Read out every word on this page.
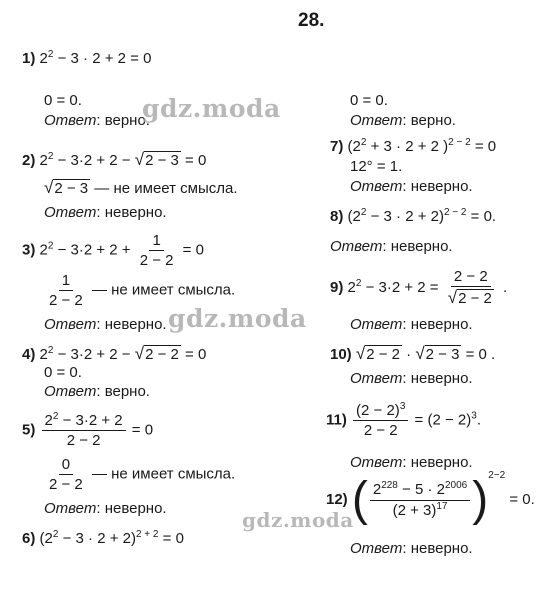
28.
1) $2^2 - 3 \cdot 2 + 2 = 0$
0 = 0.
Ответ: верно.
2) $2^2 - 3\cdot 2 + 2 - √2 - 3 = 0$
√2 − 3 — не имеет смысла.
Ответ: неверно.
3) $2^2 - 3\cdot 2 + 2 + \frac{1}{2 - 2} = 0$
$\frac{1}{2 - 2}$ — не имеет смысла.
Ответ: неверно.
4) $2^2 - 3\cdot 2 + 2 - √2 - 2 = 0$
0 = 0.
Ответ: верно.
$5) \frac{2^2 - 3\cdot 2 + 2}{2 - 2} = 0$
$\frac{0}{2 - 2}$ — не имеет смысла.
Ответ: неверно.
6) $(2^2 - 3 \cdot 2 + 2)^{2 + 2} = 0$
0 = 0.
Ответ: верно.
7) ($2^2 + 3 \cdot 2 + 2$ )$^{2 - 2}$ = 0
12° = 1.
Ответ: неверно.
8) $(2^2 - 3 \cdot 2 + 2)^{2 - 2} = 0$.
Ответ: неверно.
9) $2^2 - 3\cdot 2 + 2 = \frac{2 - 2}{√2 - 2}$ .
Ответ: неверно.
10) √2 − 2 · √2 − 3 = 0 .
Ответ: неверно.
$11) \frac{(2 - 2)^3}{2 - 2} = (2 - 2)^3$.
Ответ: неверно.
12) ( $\frac{2^{228} - 5 \cdot 2^{2006}}{(2 + 3)^{17}} )^{2-2} = 0$.
Ответ: неверно.
gdz.moda
gdz.moda
gdz.moda
